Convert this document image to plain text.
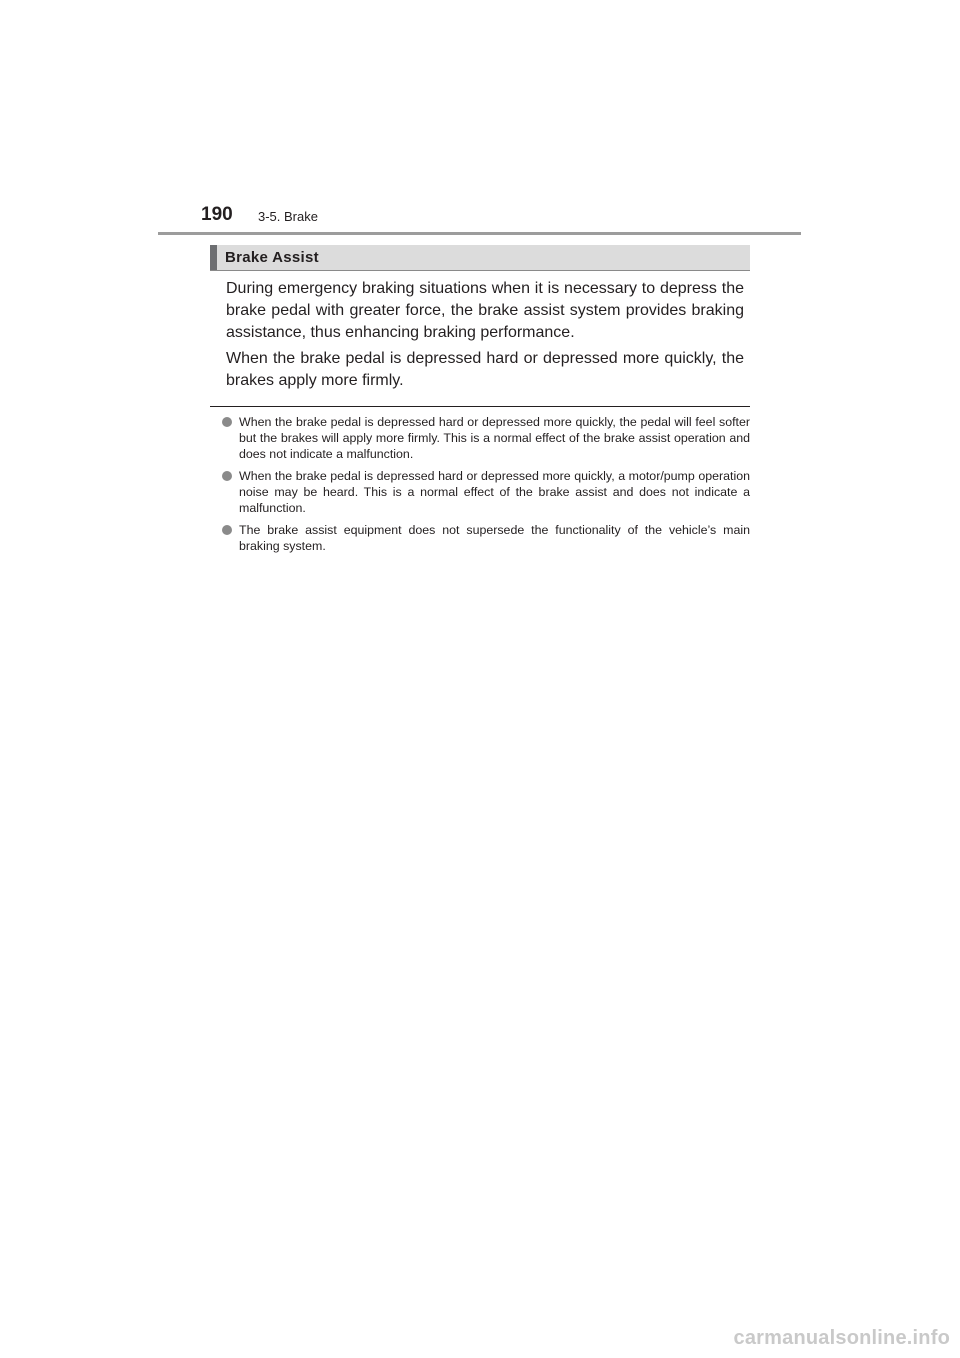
190 3-5. Brake
Brake Assist

During emergency braking situations when it is necessary to depress the brake pedal with greater force, the brake assist system provides braking assistance, thus enhancing braking performance.

When the brake pedal is depressed hard or depressed more quickly, the brakes apply more firmly.

When the brake pedal is depressed hard or depressed more quickly, the pedal will feel softer but the brakes will apply more firmly. This is a normal effect of the brake assist operation and does not indicate a malfunction.
When the brake pedal is depressed hard or depressed more quickly, a motor/pump operation noise may be heard. This is a normal effect of the brake assist and does not indicate a malfunction.
The brake assist equipment does not supersede the functionality of the vehicle’s main braking system.
carmanualsonline.info
